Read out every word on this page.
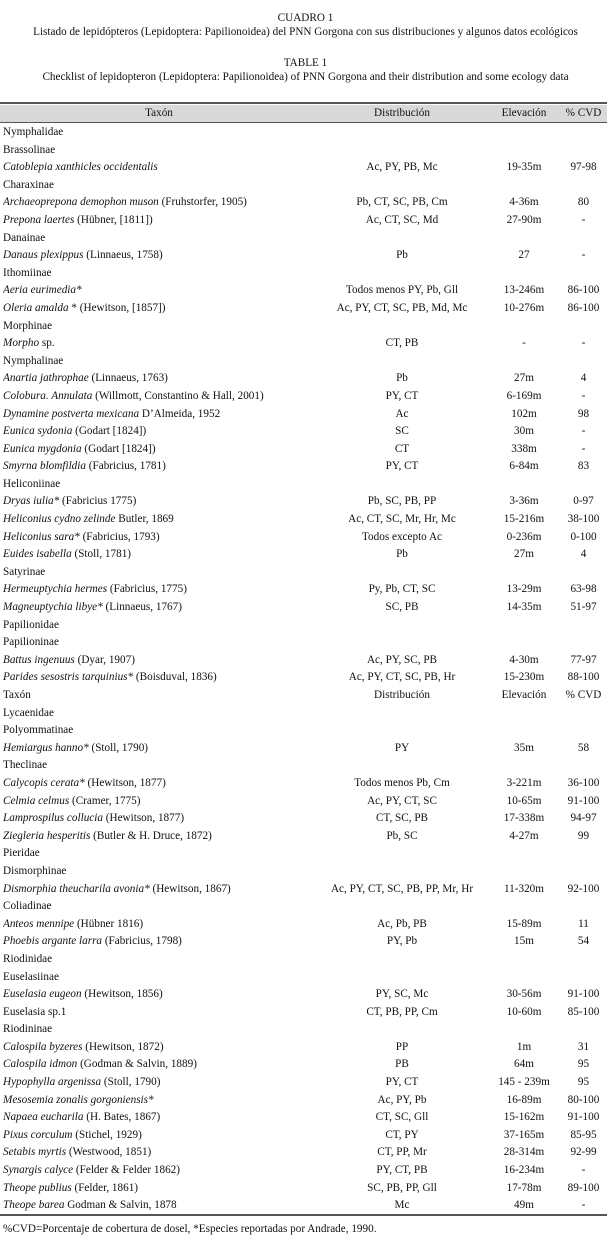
CUADRO 1
Listado de lepidópteros (Lepidoptera: Papilionoidea) del PNN Gorgona con sus distribuciones y algunos datos ecológicos
TABLE 1
Checklist of lepidopteron (Lepidoptera: Papilionoidea) of PNN Gorgona and their distribution and some ecology data
Taxón	Distribución	Elevación	% CVD
Nymphalidae
Brassolinae
Catoblepia xanthicles occidentalis	Ac, PY, PB, Mc	19-35m	97-98
Charaxinae
Archaeoprepona demophon muson (Fruhstorfer, 1905)	Pb, CT, SC, PB, Cm	4-36m	80
Prepona laertes (Hübner, [1811])	Ac, CT, SC, Md	27-90m	-
Danainae
Danaus plexippus (Linnaeus, 1758)	Pb	27	-
Ithomiinae
Aeria eurimedia*	Todos menos PY, Pb, Gll	13-246m	86-100
Oleria amalda * (Hewitson, [1857])	Ac, PY, CT, SC, PB, Md, Mc	10-276m	86-100
Morphinae
Morpho sp.	CT, PB	-	-
Nymphalinae
Anartia jathrophae (Linnaeus, 1763)	Pb	27m	4
Colobura. Annulata (Willmott, Constantino & Hall, 2001)	PY, CT	6-169m	-
Dynamine postverta mexicana D’Almeida, 1952	Ac	102m	98
Eunica sydonia (Godart [1824])	SC	30m	-
Eunica mygdonia (Godart [1824])	CT	338m	-
Smyrna blomfildia (Fabricius, 1781)	PY, CT	6-84m	83
Heliconiinae
Dryas iulia* (Fabricius 1775)	Pb, SC, PB, PP	3-36m	0-97
Heliconius cydno zelinde Butler, 1869	Ac, CT, SC, Mr, Hr, Mc	15-216m	38-100
Heliconius sara* (Fabricius, 1793)	Todos excepto Ac	0-236m	0-100
Euides isabella (Stoll, 1781)	Pb	27m	4
Satyrinae
Hermeuptychia hermes (Fabricius, 1775)	Py, Pb, CT, SC	13-29m	63-98
Magneuptychia libye* (Linnaeus, 1767)	SC, PB	14-35m	51-97
Papilionidae
Papilioninae
Battus ingenuus (Dyar, 1907)	Ac, PY, SC, PB	4-30m	77-97
Parides sesostris tarquinius* (Boisduval, 1836)	Ac, PY, CT, SC, PB, Hr	15-230m	88-100
Taxón	Distribución	Elevación	% CVD
Lycaenidae
Polyommatinae
Hemiargus hanno* (Stoll, 1790)	PY	35m	58
Theclinae
Calycopis cerata* (Hewitson, 1877)	Todos menos Pb, Cm	3-221m	36-100
Celmia celmus (Cramer, 1775)	Ac, PY, CT, SC	10-65m	91-100
Lamprospilus collucia (Hewitson, 1877)	CT, SC, PB	17-338m	94-97
Ziegleria hesperitis (Butler & H. Druce, 1872)	Pb, SC	4-27m	99
Pieridae
Dismorphinae
Dismorphia theucharila avonia* (Hewitson, 1867)	Ac, PY, CT, SC, PB, PP, Mr, Hr	11-320m	92-100
Coliadinae
Anteos mennipe (Hübner 1816)	Ac, Pb, PB	15-89m	11
Phoebis argante larra (Fabricius, 1798)	PY, Pb	15m	54
Riodinidae
Euselasiinae
Euselasia eugeon (Hewitson, 1856)	PY, SC, Mc	30-56m	91-100
Euselasia sp.1	CT, PB, PP, Cm	10-60m	85-100
Riodininae
Calospila byzeres (Hewitson, 1872)	PP	1m	31
Calospila idmon (Godman & Salvin, 1889)	PB	64m	95
Hypophylla argenissa (Stoll, 1790)	PY, CT	145 - 239m	95
Mesosemia zonalis gorgoniensis*	Ac, PY, Pb	16-89m	80-100
Napaea eucharila (H. Bates, 1867)	CT, SC, Gll	15-162m	91-100
Pixus corculum (Stichel, 1929)	CT, PY	37-165m	85-95
Setabis myrtis (Westwood, 1851)	CT, PP, Mr	28-314m	92-99
Synargis calyce (Felder & Felder 1862)	PY, CT, PB	16-234m	-
Theope publius (Felder, 1861)	SC, PB, PP, Gll	17-78m	89-100
Theope barea Godman & Salvin, 1878	Mc	49m	-
%CVD=Porcentaje de cobertura de dosel, *Especies reportadas por Andrade, 1990.
